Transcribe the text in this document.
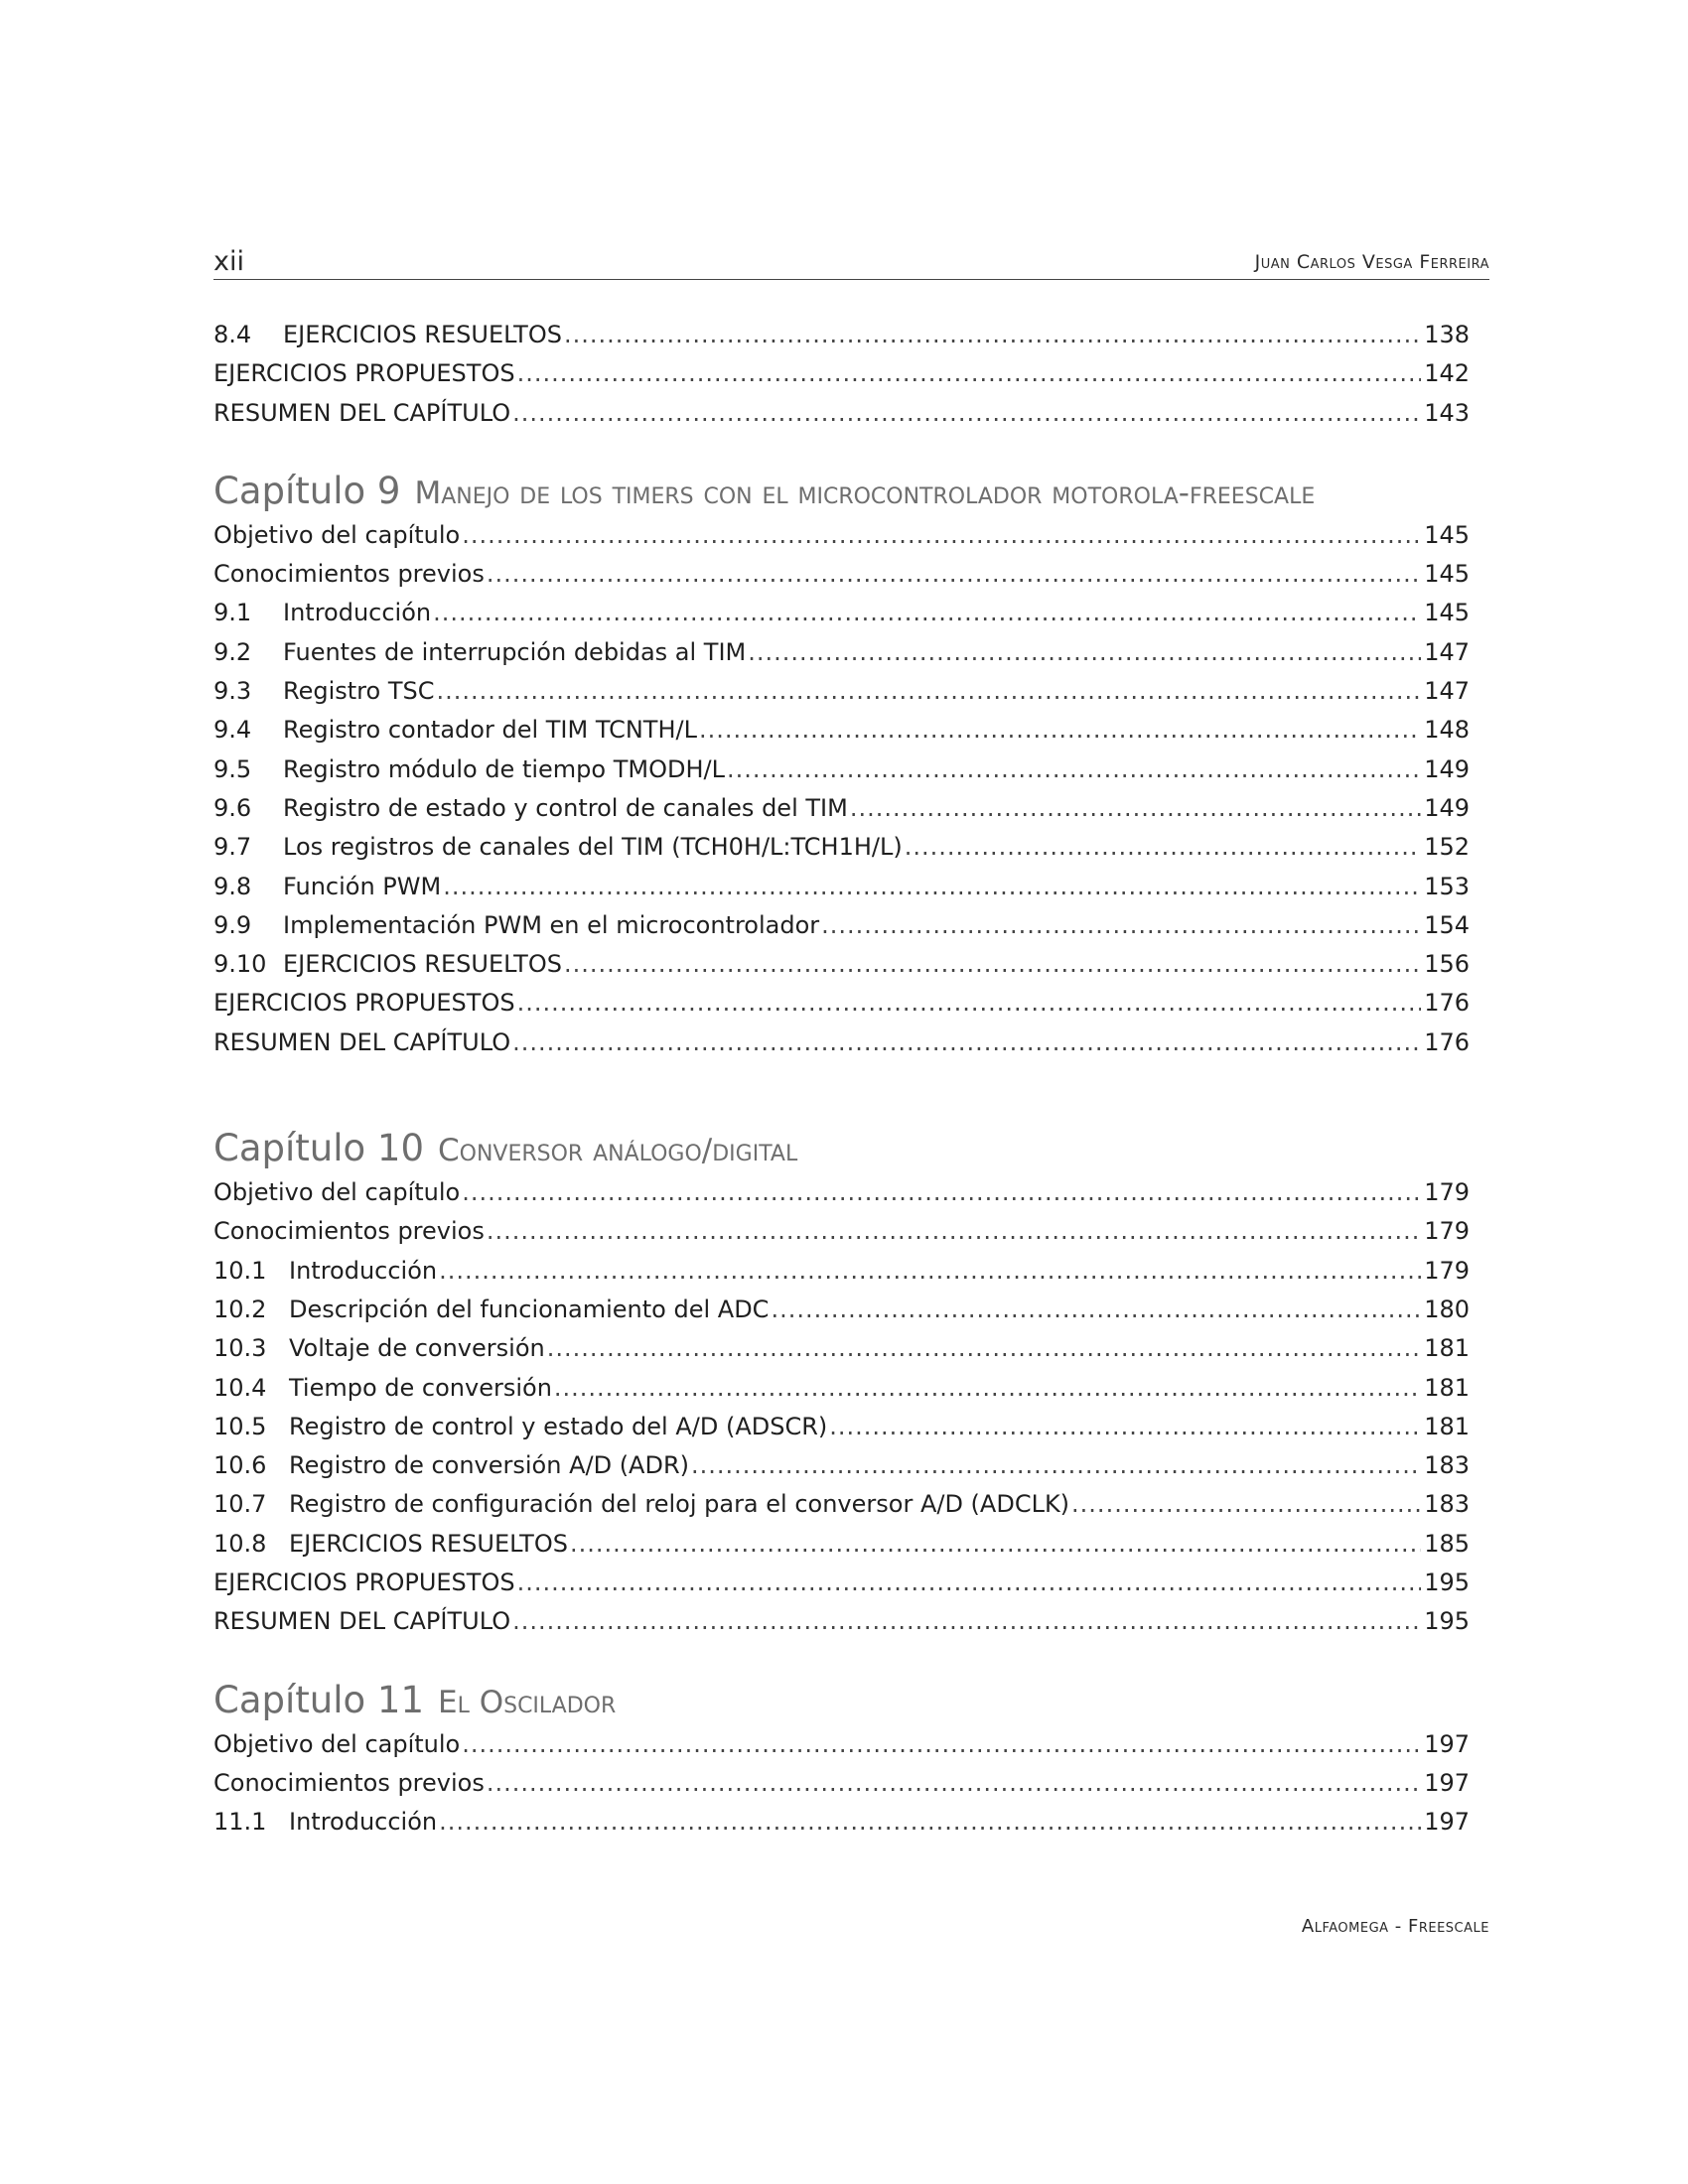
xii	Juan Carlos Vesga Ferreira
8.4	EJERCICIOS RESUELTOS .....	138
EJERCICIOS PROPUESTOS .....	142
RESUMEN DEL CAPÍTULO .....	143
Capítulo 9 Manejo de los timers con el microcontrolador motorola-freescale
Objetivo del capítulo .....	145
Conocimientos previos .....	145
9.1	Introducción .....	145
9.2	Fuentes de interrupción debidas al TIM .....	147
9.3	Registro TSC .....	147
9.4	Registro contador del TIM TCNTH/L .....	148
9.5	Registro módulo de tiempo TMODH/L .....	149
9.6	Registro de estado y control de canales del TIM .....	149
9.7	Los registros de canales del TIM (TCH0H/L:TCH1H/L) .....	152
9.8	Función PWM .....	153
9.9	Implementación PWM en el microcontrolador .....	154
9.10 EJERCICIOS RESUELTOS .....	156
EJERCICIOS PROPUESTOS .....	176
RESUMEN DEL CAPÍTULO .....	176
Capítulo 10 Conversor análogo/digital
Objetivo del capítulo .....	179
Conocimientos previos .....	179
10.1 Introducción .....	179
10.2 Descripción del funcionamiento del ADC .....	180
10.3 Voltaje de conversión .....	181
10.4 Tiempo de conversión .....	181
10.5 Registro de control y estado del A/D (ADSCR) .....	181
10.6 Registro de conversión A/D (ADR) .....	183
10.7 Registro de configuración del reloj para el conversor A/D (ADCLK) .....	183
10.8 EJERCICIOS RESUELTOS .....	185
EJERCICIOS PROPUESTOS .....	195
RESUMEN DEL CAPÍTULO .....	195
Capítulo 11 El Oscilador
Objetivo del capítulo .....	197
Conocimientos previos .....	197
11.1 Introducción .....	197
Alfaomega - Freescale
